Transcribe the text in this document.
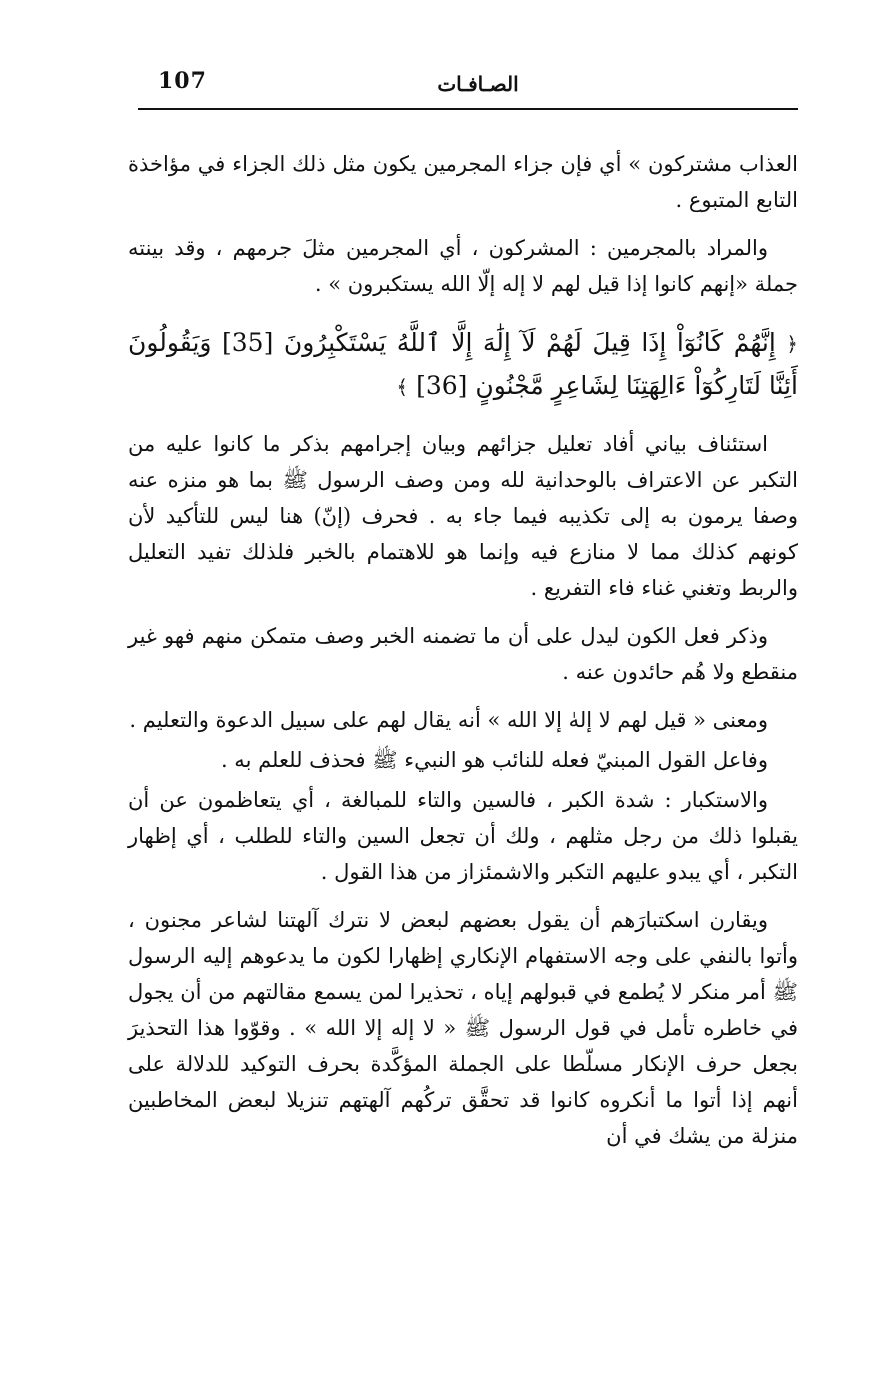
107	الصـافـات

العذاب مشتركون » أي فإن جزاء المجرمين يكون مثل ذلك الجزاء في مؤاخذة التابع المتبوع .

والمراد بالمجرمين : المشركون ، أي المجرمين مثلَ جرمهم ، وقد بينته جملة «إنهم كانوا إذا قيل لهم لا إله إلّا الله يستكبرون » .

﴿ إِنَّهُمْ كَانُوٓاْ إِذَا قِيلَ لَهُمْ لَآ إِلَٰهَ إِلَّا ٱللَّهُ يَسْتَكْبِرُونَ [35] وَيَقُولُونَ أَئِنَّا لَتَارِكُوٓاْ ءَالِهَتِنَا لِشَاعِرٍ مَّجْنُونٍ [36] ﴾

استئناف بياني أفاد تعليل جزائهم وبيان إجرامهم بذكر ما كانوا عليه من التكبر عن الاعتراف بالوحدانية لله ومن وصف الرسول ﷺ بما هو منزه عنه وصفا يرمون به إلى تكذيبه فيما جاء به . فحرف (إنّ) هنا ليس للتأكيد لأن كونهم كذلك مما لا منازع فيه وإنما هو للاهتمام بالخبر فلذلك تفيد التعليل والربط وتغني غناء فاء التفريع .

وذكر فعل الكون ليدل على أن ما تضمنه الخبر وصف متمكن منهم فهو غير منقطع ولا هُم حائدون عنه .

ومعنى « قيل لهم لا إلهٰ إلا الله » أنه يقال لهم على سبيل الدعوة والتعليم .

وفاعل القول المبنيّ فعله للنائب هو النبيء ﷺ فحذف للعلم به .

والاستكبار : شدة الكبر ، فالسين والتاء للمبالغة ، أي يتعاظمون عن أن يقبلوا ذلك من رجل مثلهم ، ولك أن تجعل السين والتاء للطلب ، أي إظهار التكبر ، أي يبدو عليهم التكبر والاشمئزاز من هذا القول .

ويقارن اسكتبارَهم أن يقول بعضهم لبعض لا نترك آلهتنا لشاعر مجنون ، وأتوا بالنفي على وجه الاستفهام الإنكاري إظهارا لكون ما يدعوهم إليه الرسول ﷺ أمر منكر لا يُطمع في قبولهم إياه ، تحذيرا لمن يسمع مقالتهم من أن يجول في خاطره تأمل في قول الرسول ﷺ « لا إله إلا الله » . وقوّوا هذا التحذيرَ بجعل حرف الإنكار مسلّطا على الجملة المؤكَّدة بحرف التوكيد للدلالة على أنهم إذا أتوا ما أنكروه كانوا قد تحقَّق تركُهم آلهتهم تنزيلا لبعض المخاطبين منزلة من يشك في أن
